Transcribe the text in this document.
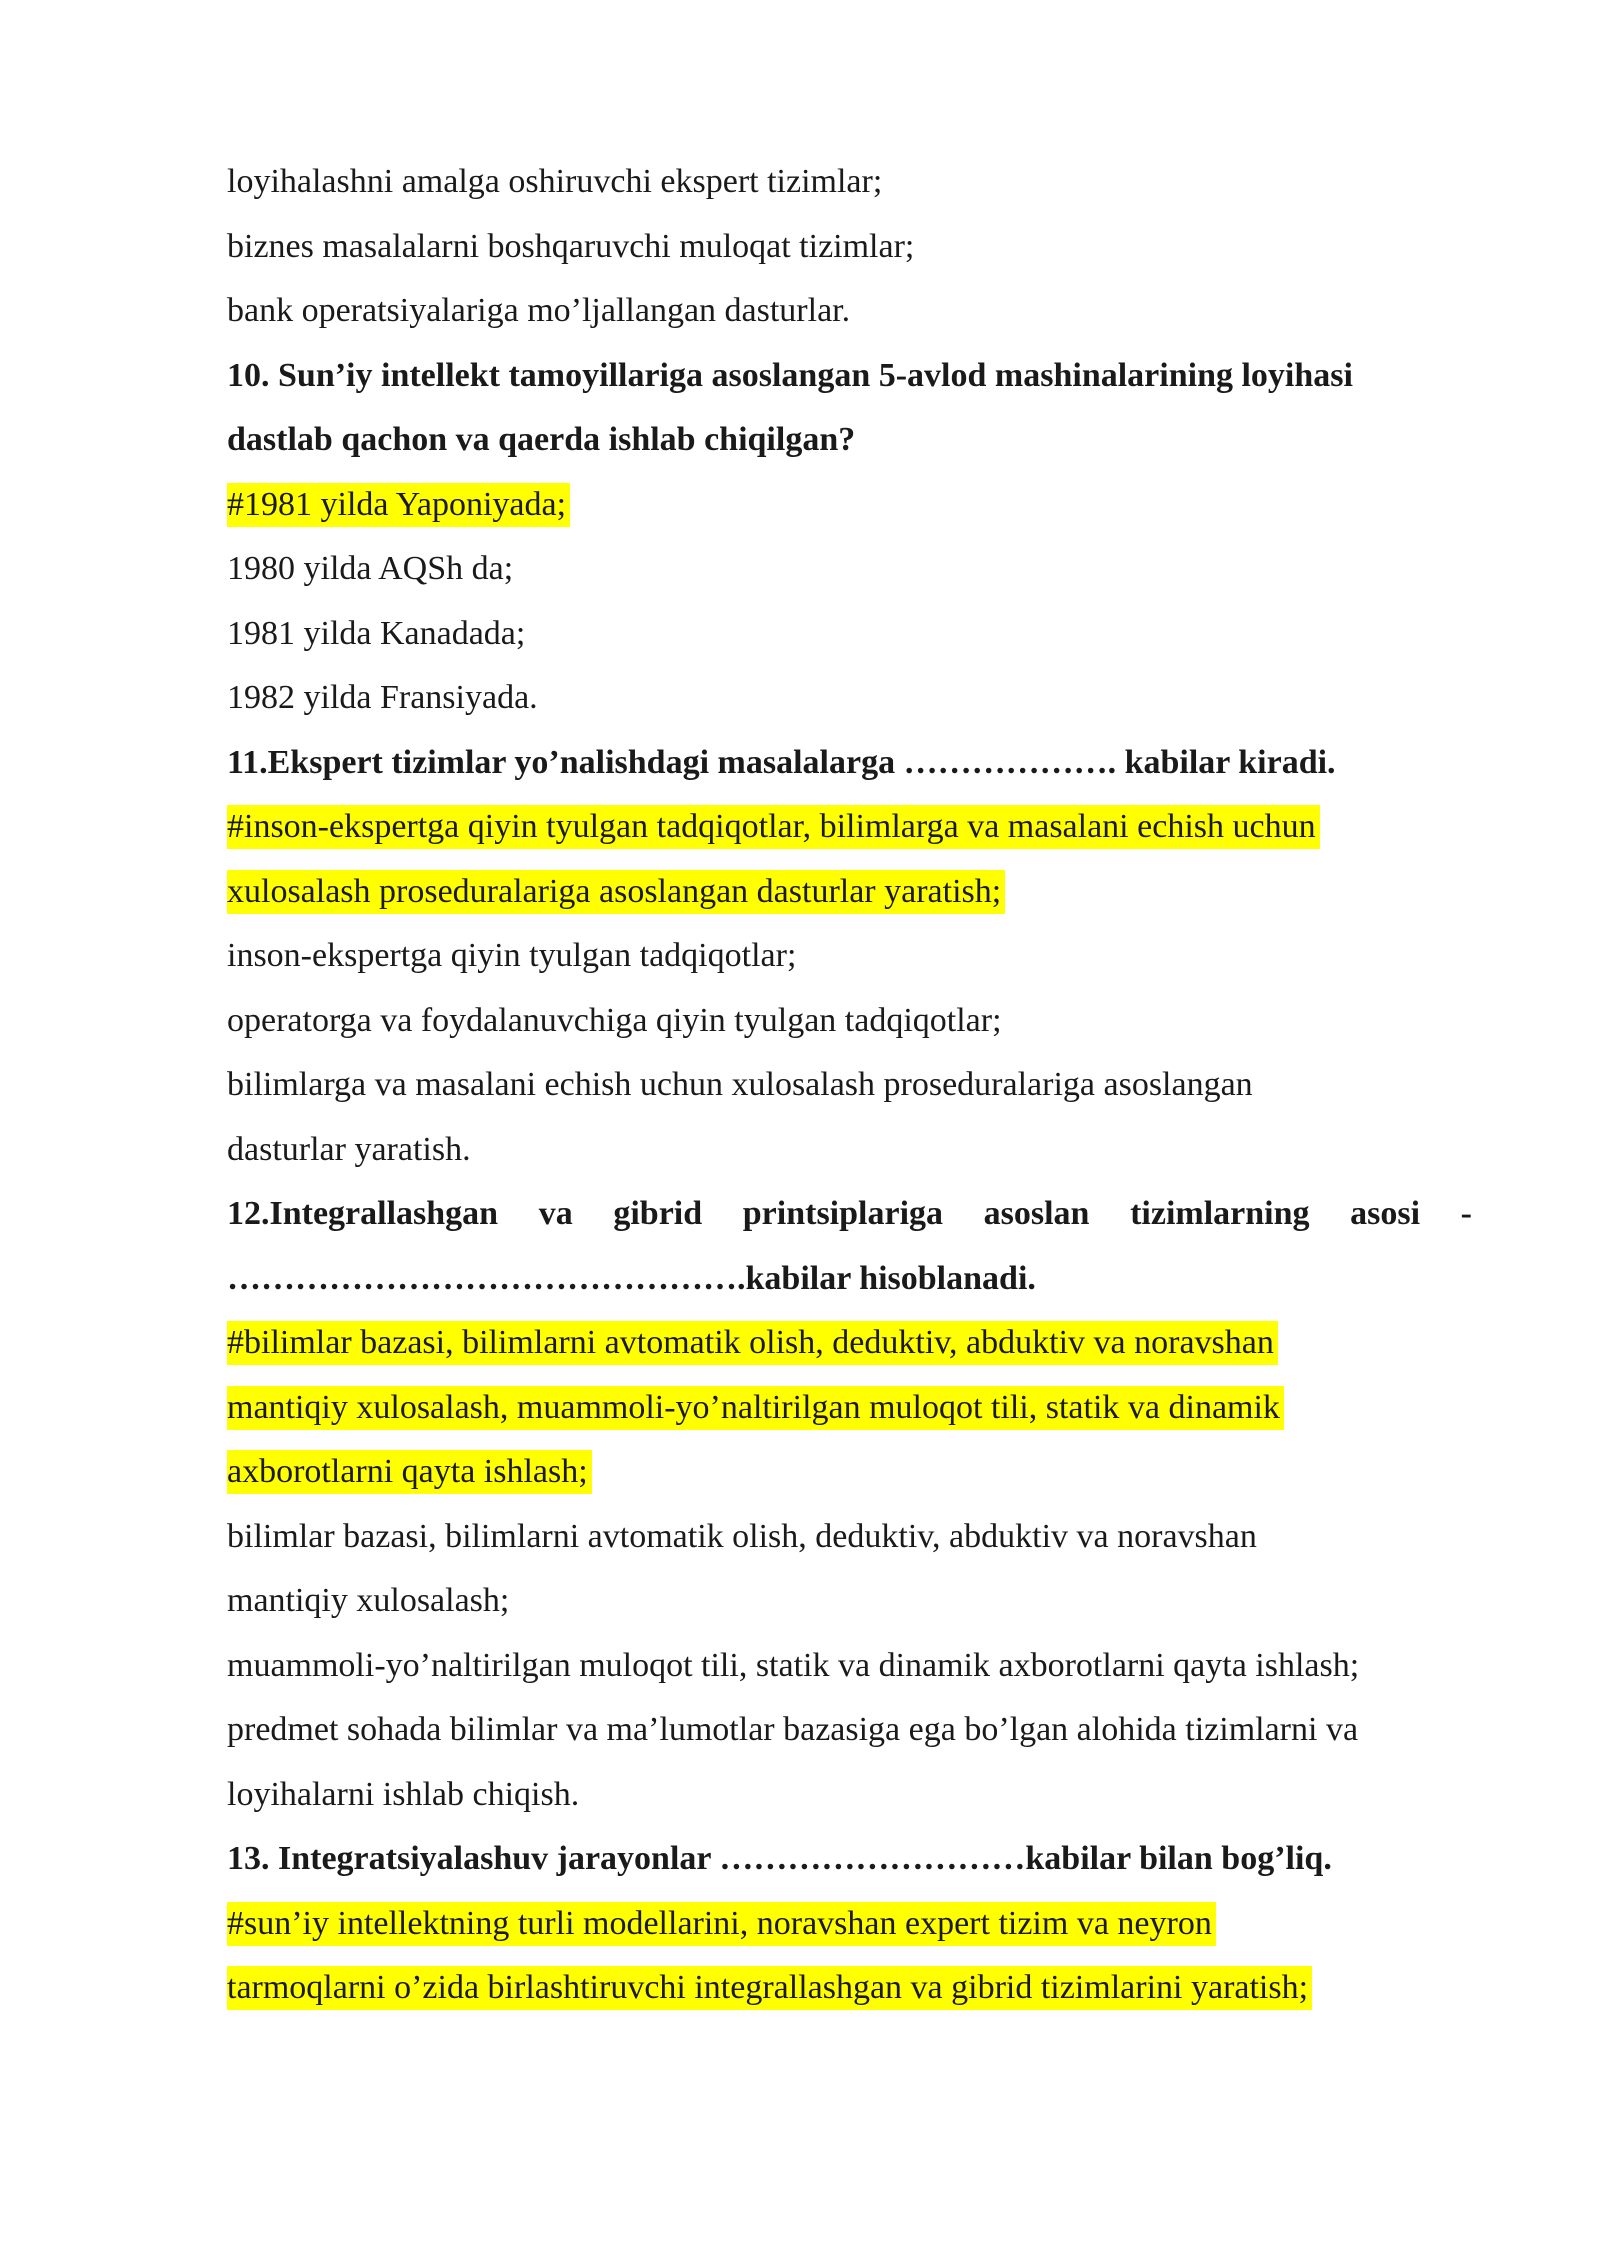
loyihalashni amalga oshiruvchi ekspert tizimlar;
biznes masalalarni boshqaruvchi muloqat tizimlar;
bank operatsiyalariga mo’ljallangan dasturlar.
10. Sun’iy intellekt tamoyillariga asoslangan 5-avlod mashinalarining loyihasi
dastlab qachon va qaerda ishlab chiqilgan?
#1981 yilda Yaponiyada;
1980 yilda AQSh da;
1981 yilda Kanadada;
1982 yilda Fransiyada.
11.Ekspert tizimlar yo’nalishdagi masalalarga ………………. kabilar kiradi.
#inson-ekspertga qiyin tyulgan tadqiqotlar, bilimlarga va masalani echish uchun
xulosalash proseduralariga asoslangan dasturlar yaratish;
inson-ekspertga qiyin tyulgan tadqiqotlar;
operatorga va foydalanuvchiga qiyin tyulgan tadqiqotlar;
bilimlarga va masalani echish uchun xulosalash proseduralariga asoslangan
dasturlar yaratish.
12.Integrallashgan va gibrid printsiplariga asoslan tizimlarning asosi -
……………………………………….kabilar hisoblanadi.
#bilimlar bazasi, bilimlarni avtomatik olish, deduktiv, abduktiv va noravshan
mantiqiy xulosalash, muammoli-yo’naltirilgan muloqot tili, statik va dinamik
axborotlarni qayta ishlash;
bilimlar bazasi, bilimlarni avtomatik olish, deduktiv, abduktiv va noravshan
mantiqiy xulosalash;
muammoli-yo’naltirilgan muloqot tili, statik va dinamik axborotlarni qayta ishlash;
predmet sohada bilimlar va ma’lumotlar bazasiga ega bo’lgan alohida tizimlarni va
loyihalarni ishlab chiqish.
13. Integratsiyalashuv jarayonlar ………………………kabilar bilan bog’liq.
#sun’iy intellektning turli modellarini, noravshan expert tizim va neyron
tarmoqlarni o’zida birlashtiruvchi integrallashgan va gibrid tizimlarini yaratish;
